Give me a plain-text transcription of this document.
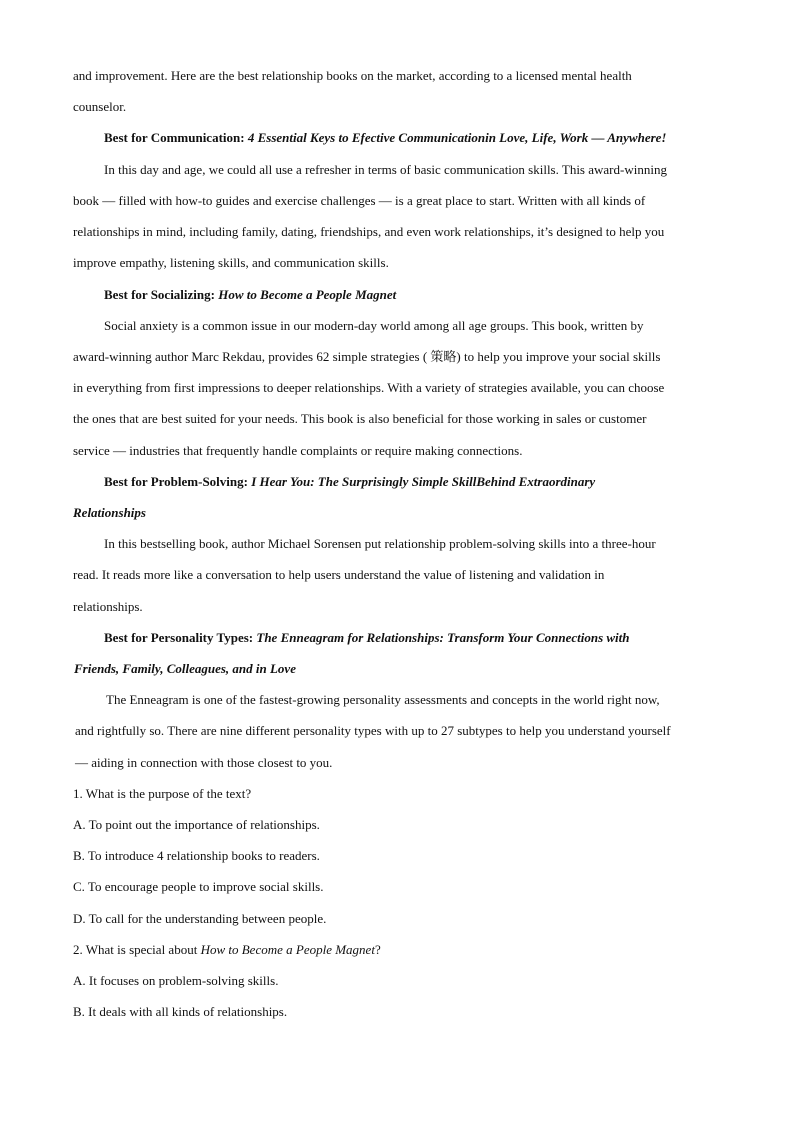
and improvement. Here are the best relationship books on the market, according to a licensed mental health
counselor.
Best for Communication: 4 Essential Keys to Efective Communicationin Love, Life, Work — Anywhere!
In this day and age, we could all use a refresher in terms of basic communication skills. This award-winning
book — filled with how-to guides and exercise challenges — is a great place to start. Written with all kinds of
relationships in mind, including family, dating, friendships, and even work relationships, it’s designed to help you
improve empathy, listening skills, and communication skills.
Best for Socializing: How to Become a People Magnet
Social anxiety is a common issue in our modern-day world among all age groups. This book, written by
award-winning author Marc Rekdau, provides 62 simple strategies ( 策略) to help you improve your social skills
in everything from first impressions to deeper relationships. With a variety of strategies available, you can choose
the ones that are best suited for your needs. This book is also beneficial for those working in sales or customer
service — industries that frequently handle complaints or require making connections.
Best for Problem-Solving: I Hear You: The Surprisingly Simple SkillBehind Extraordinary
Relationships
In this bestselling book, author Michael Sorensen put relationship problem-solving skills into a three-hour
read. It reads more like a conversation to help users understand the value of listening and validation in
relationships.
Best for Personality Types: The Enneagram for Relationships: Transform Your Connections with
Friends, Family, Colleagues, and in Love
The Enneagram is one of the fastest-growing personality assessments and concepts in the world right now,
and rightfully so. There are nine different personality types with up to 27 subtypes to help you understand yourself
— aiding in connection with those closest to you.
1. What is the purpose of the text?
A. To point out the importance of relationships.
B. To introduce 4 relationship books to readers.
C. To encourage people to improve social skills.
D. To call for the understanding between people.
2. What is special about How to Become a People Magnet?
A. It focuses on problem-solving skills.
B. It deals with all kinds of relationships.
